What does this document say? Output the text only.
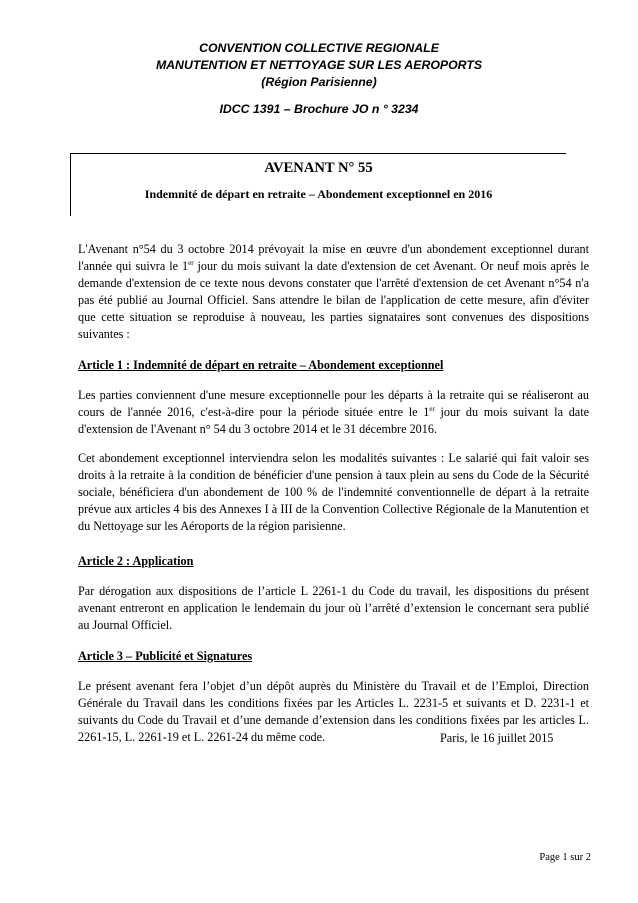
CONVENTION COLLECTIVE REGIONALE
MANUTENTION ET NETTOYAGE SUR LES AEROPORTS
(Région Parisienne)
IDCC 1391 – Brochure JO n ° 3234
AVENANT N° 55
Indemnité de départ en retraite – Abondement exceptionnel en 2016

L'Avenant n°54 du 3 octobre 2014 prévoyait la mise en œuvre d'un abondement exceptionnel durant l'année qui suivra le 1er jour du mois suivant la date d'extension de cet Avenant. Or neuf mois après le demande d'extension de ce texte nous devons constater que l'arrêté d'extension de cet Avenant n°54 n'a pas été publié au Journal Officiel. Sans attendre le bilan de l'application de cette mesure, afin d'éviter que cette situation se reproduise à nouveau, les parties signataires sont convenues des dispositions suivantes :

Article 1 : Indemnité de départ en retraite – Abondement exceptionnel

Les parties conviennent d'une mesure exceptionnelle pour les départs à la retraite qui se réaliseront au cours de l'année 2016, c'est-à-dire pour la période située entre le 1er jour du mois suivant la date d'extension de l'Avenant n° 54 du 3 octobre 2014 et le 31 décembre 2016.

Cet abondement exceptionnel interviendra selon les modalités suivantes : Le salarié qui fait valoir ses droits à la retraite à la condition de bénéficier d'une pension à taux plein au sens du Code de la Sécurité sociale, bénéficiera d'un abondement de 100 % de l'indemnité conventionnelle de départ à la retraite prévue aux articles 4 bis des Annexes I à III de la Convention Collective Régionale de la Manutention et du Nettoyage sur les Aéroports de la région parisienne.

Article 2 : Application

Par dérogation aux dispositions de l’article L 2261-1 du Code du travail, les dispositions du présent avenant entreront en application le lendemain du jour où l’arrêté d’extension le concernant sera publié au Journal Officiel.

Article 3 – Publicité et Signatures

Le présent avenant fera l’objet d’un dépôt auprès du Ministère du Travail et de l’Emploi, Direction Générale du Travail dans les conditions fixées par les Articles L. 2231-5 et suivants et D. 2231-1 et suivants du Code du Travail et d’une demande d’extension dans les conditions fixées par les articles L. 2261-15, L. 2261-19 et L. 2261-24 du même code.	Paris, le 16 juillet 2015
Page 1 sur 2
